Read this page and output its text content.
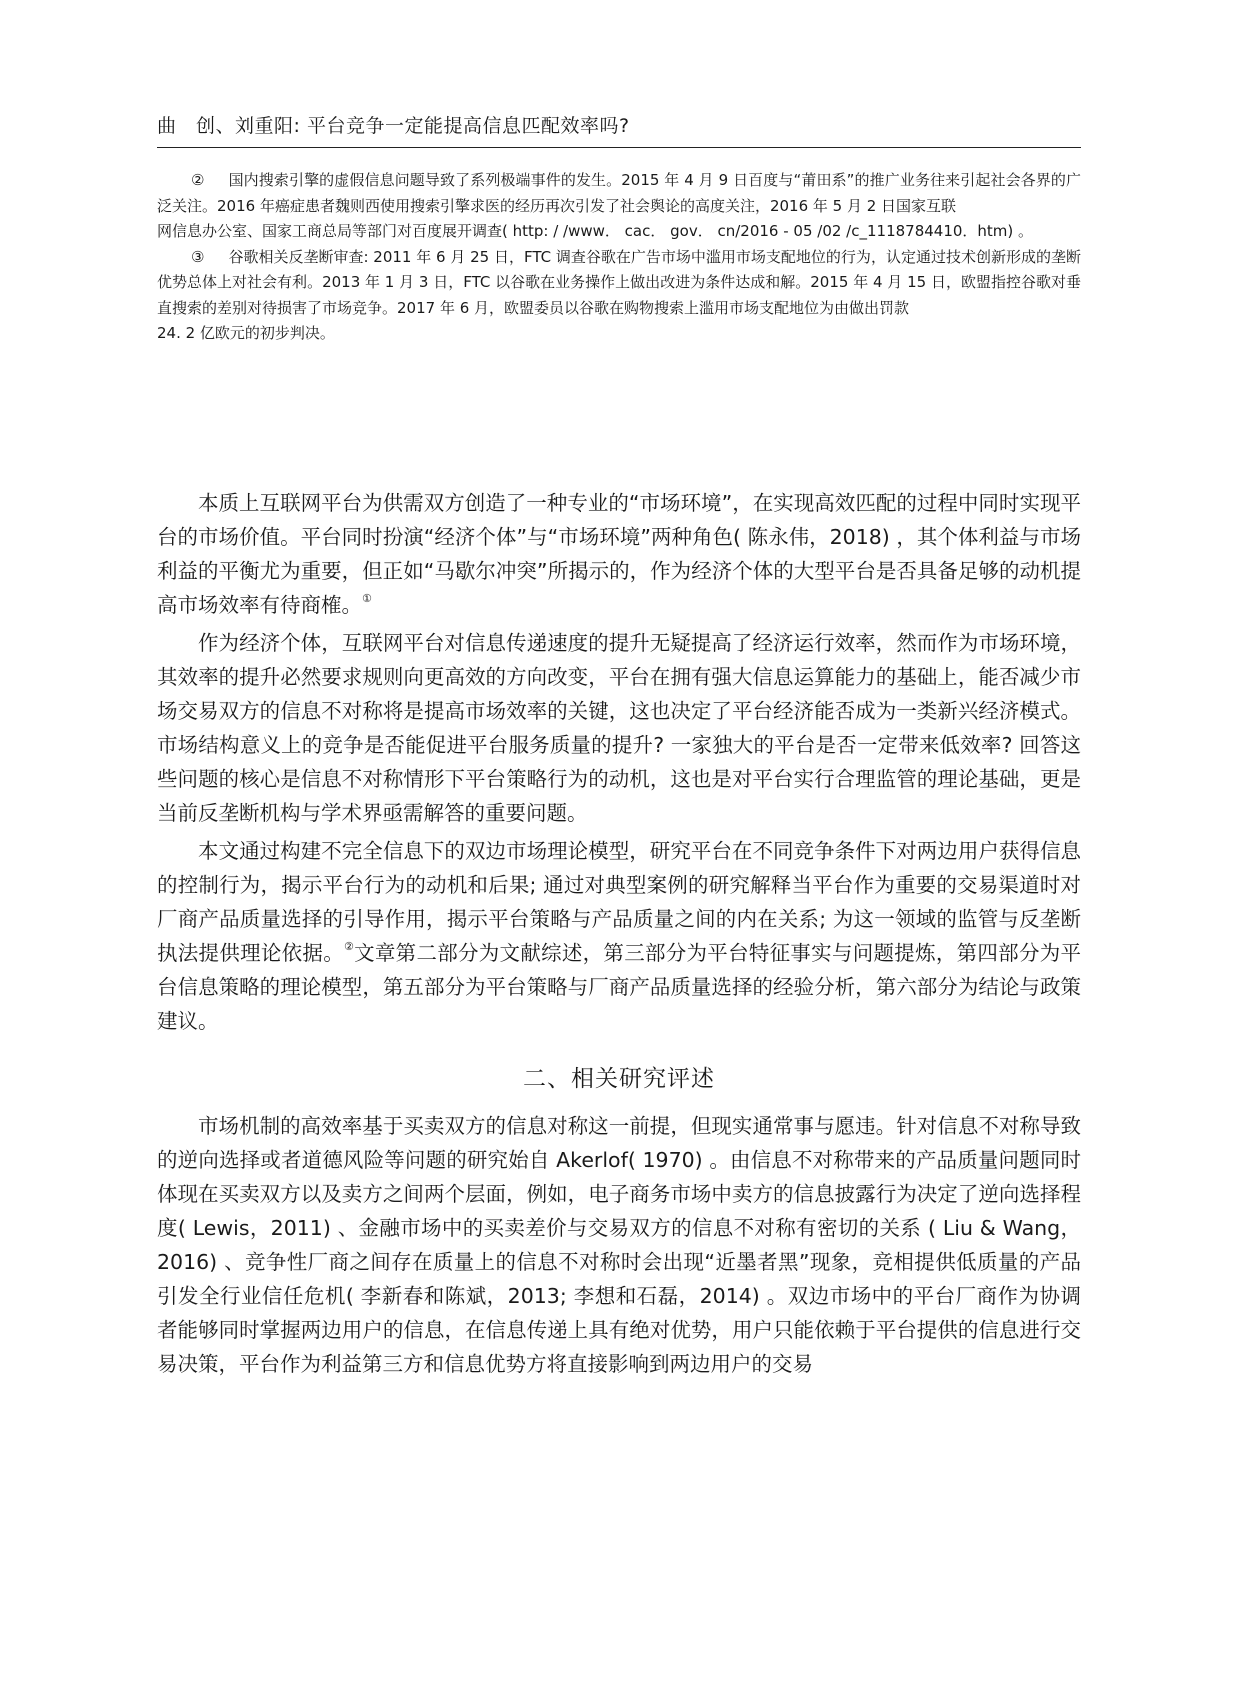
曲　创、刘重阳: 平台竞争一定能提高信息匹配效率吗?

② 国内搜索引擎的虚假信息问题导致了系列极端事件的发生。2015 年 4 月 9 日百度与“莆田系”的推广业务往来引起社会各界的广泛关注。2016 年癌症患者魏则西使用搜索引擎求医的经历再次引发了社会舆论的高度关注，2016 年 5 月 2 日国家互联

网信息办公室、国家工商总局等部门对百度展开调查( http: / /www． cac． gov． cn/2016 - 05 /02 /c_1118784410．htm) 。

③ 谷歌相关反垄断审查: 2011 年 6 月 25 日，FTC 调查谷歌在广告市场中滥用市场支配地位的行为，认定通过技术创新形成的垄断优势总体上对社会有利。2013 年 1 月 3 日，FTC 以谷歌在业务操作上做出改进为条件达成和解。2015 年 4 月 15 日，欧盟指控谷歌对垂直搜索的差别对待损害了市场竞争。2017 年 6 月，欧盟委员以谷歌在购物搜索上滥用市场支配地位为由做出罚款

24. 2 亿欧元的初步判决。

本质上互联网平台为供需双方创造了一种专业的“市场环境”，在实现高效匹配的过程中同时实现平台的市场价值。平台同时扮演“经济个体”与“市场环境”两种角色( 陈永伟，2018) ，其个体利益与市场利益的平衡尤为重要，但正如“马歇尔冲突”所揭示的，作为经济个体的大型平台是否具备足够的动机提高市场效率有待商榷。①

作为经济个体，互联网平台对信息传递速度的提升无疑提高了经济运行效率，然而作为市场环境，其效率的提升必然要求规则向更高效的方向改变，平台在拥有强大信息运算能力的基础上，能否减少市场交易双方的信息不对称将是提高市场效率的关键，这也决定了平台经济能否成为一类新兴经济模式。市场结构意义上的竞争是否能促进平台服务质量的提升? 一家独大的平台是否一定带来低效率? 回答这些问题的核心是信息不对称情形下平台策略行为的动机，这也是对平台实行合理监管的理论基础，更是当前反垄断机构与学术界亟需解答的重要问题。

本文通过构建不完全信息下的双边市场理论模型，研究平台在不同竞争条件下对两边用户获得信息的控制行为，揭示平台行为的动机和后果; 通过对典型案例的研究解释当平台作为重要的交易渠道时对厂商产品质量选择的引导作用，揭示平台策略与产品质量之间的内在关系; 为这一领域的监管与反垄断执法提供理论依据。②文章第二部分为文献综述，第三部分为平台特征事实与问题提炼，第四部分为平台信息策略的理论模型，第五部分为平台策略与厂商产品质量选择的经验分析，第六部分为结论与政策建议。

二、相关研究评述

市场机制的高效率基于买卖双方的信息对称这一前提，但现实通常事与愿违。针对信息不对称导致的逆向选择或者道德风险等问题的研究始自 Akerlof( 1970) 。由信息不对称带来的产品质量问题同时体现在买卖双方以及卖方之间两个层面，例如，电子商务市场中卖方的信息披露行为决定了逆向选择程度( Lewis，2011) 、金融市场中的买卖差价与交易双方的信息不对称有密切的关系 ( Liu & Wang，2016) 、竞争性厂商之间存在质量上的信息不对称时会出现“近墨者黑”现象，竞相提供低质量的产品引发全行业信任危机( 李新春和陈斌，2013; 李想和石磊，2014) 。双边市场中的平台厂商作为协调者能够同时掌握两边用户的信息，在信息传递上具有绝对优势，用户只能依赖于平台提供的信息进行交易决策，平台作为利益第三方和信息优势方将直接影响到两边用户的交易
